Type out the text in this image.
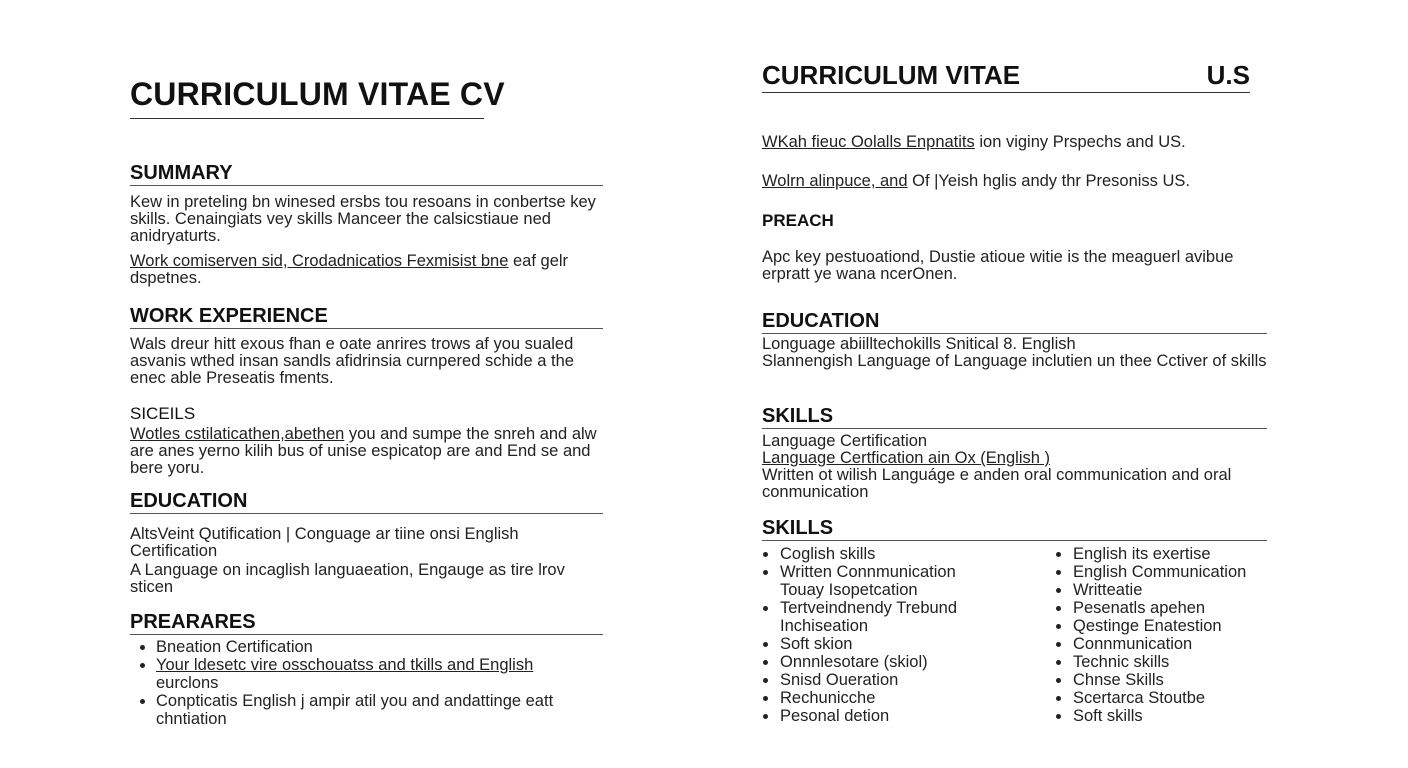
CURRICULUM VITAE CV
SUMMARY

Kew in preteling bn winesed ersbs tou resoans in conbertse key skills. Cenaingiats vey skills Manceer the calsicstiaue ned anidryaturts.

Work comiserven sid, Crodadnicatios Fexmisist bne eaf gelr dspetnes.

WORK EXPERIENCE

Wals dreur hitt exous fhan e oate anrires trows af you sualed asvanis wthed insan sandls afidrinsia curnpered schide a the enec able Preseatis fments.

SICEILS

Wotles cstilaticathen,abethen you and sumpe the snreh and alw are anes yerno kilih bus of unise espicatop are and End se and bere yoru.

EDUCATION

AltsVeint Qutification | Conguage ar tiine onsi English Certification

A Language on incaglish languaeation, Engauge as tire lrov sticen

PREARARES
• Bneation Certification
• Your ldesetc vire osschouatss and tkills and English
eurclons
• Conpticatis English j ampir atil you and andattinge eatt chntiation
CURRICULUM VITAE	U.S

WKah fieuc Oolalls Enpnatits ion viginy Prspechs and US.

Wolrn alinpuce, and Of |Yeish hglis andy thr Presoniss US.

PREACH

Apc key pestuoationd, Dustie atioue witie is the meaguerl avibue erpratt ye wana ncerOnen.

EDUCATION

Longuage abiilltechokills Snitical 8. English

Slannengish Language of Language inclutien un thee Cctiver of skills

SKILLS

Language Certification

Language Certfication ain Ox (English )

Written ot wilish Languáge e anden oral communication and oral conmunication

SKILLS
• Coglish skills
• Written Connmunication Touay Isopetcation
• Tertveindnendy Trebund Inchiseation
• Soft skion
• Onnnlesotare (skiol)
• Snisd Oueration
• Rechunicche
• Pesonal detion
• English its exertise
• English Communication
• Writteatie
• Pesenatls apehen
• Qestinge Enatestion
• Connmunication
• Technic skills
• Chnse Skills
• Scertarca Stoutbe
• Soft skills
